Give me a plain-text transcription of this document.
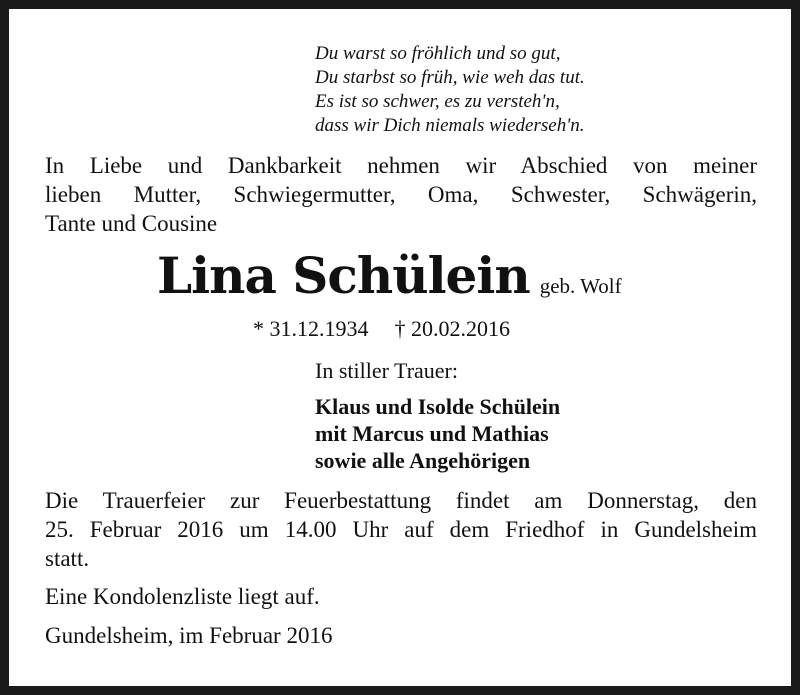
Du warst so fröhlich und so gut,
Du starbst so früh, wie weh das tut.
Es ist so schwer, es zu versteh'n,
dass wir Dich niemals wiederseh'n.
In Liebe und Dankbarkeit nehmen wir Abschied von meiner
lieben Mutter, Schwiegermutter, Oma, Schwester, Schwägerin,
Tante und Cousine
Lina Schülein geb. Wolf
* 31.12.1934 † 20.02.2016
In stiller Trauer:
Klaus und Isolde Schülein
mit Marcus und Mathias
sowie alle Angehörigen
Die Trauerfeier zur Feuerbestattung findet am Donnerstag, den
25. Februar 2016 um 14.00 Uhr auf dem Friedhof in Gundelsheim
statt.
Eine Kondolenzliste liegt auf.
Gundelsheim, im Februar 2016
